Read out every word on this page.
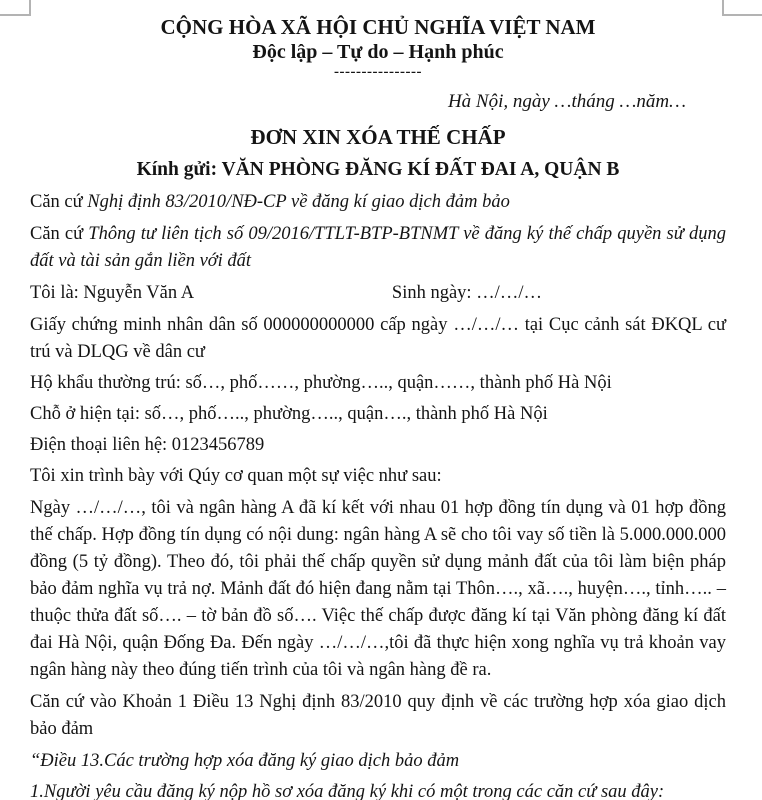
CỘNG HÒA XÃ HỘI CHỦ NGHĨA VIỆT NAM
Độc lập – Tự do – Hạnh phúc
----------------
Hà Nội, ngày …tháng …năm…
ĐƠN XIN XÓA THẾ CHẤP
Kính gửi: VĂN PHÒNG ĐĂNG KÍ ĐẤT ĐAI A, QUẬN B

Căn cứ Nghị định 83/2010/NĐ-CP về đăng kí giao dịch đảm bảo

Căn cứ Thông tư liên tịch số 09/2016/TTLT-BTP-BTNMT về đăng ký thế chấp quyền sử dụng đất và tài sản gắn liền với đất

Tôi là: Nguyễn Văn A	Sinh ngày: …/…/…

Giấy chứng minh nhân dân số 000000000000 cấp ngày …/…/… tại Cục cảnh sát ĐKQL cư trú và DLQG về dân cư

Hộ khẩu thường trú: số…, phố……, phường….., quận……, thành phố Hà Nội

Chỗ ở hiện tại: số…, phố….., phường….., quận…., thành phố Hà Nội

Điện thoại liên hệ: 0123456789

Tôi xin trình bày với Qúy cơ quan một sự việc như sau:

Ngày …/…/…, tôi và ngân hàng A đã kí kết với nhau 01 hợp đồng tín dụng và 01 hợp đồng thế chấp. Hợp đồng tín dụng có nội dung: ngân hàng A sẽ cho tôi vay số tiền là 5.000.000.000 đồng (5 tỷ đồng). Theo đó, tôi phải thế chấp quyền sử dụng mảnh đất của tôi làm biện pháp bảo đảm nghĩa vụ trả nợ. Mảnh đất đó hiện đang nằm tại Thôn…., xã…., huyện…., tỉnh….. – thuộc thửa đất số…. – tờ bản đồ số…. Việc thế chấp được đăng kí tại Văn phòng đăng kí đất đai Hà Nội, quận Đống Đa. Đến ngày …/…/…,tôi đã thực hiện xong nghĩa vụ trả khoản vay ngân hàng này theo đúng tiến trình của tôi và ngân hàng đề ra.

Căn cứ vào Khoản 1 Điều 13 Nghị định 83/2010 quy định về các trường hợp xóa giao dịch bảo đảm

“Điều 13.Các trường hợp xóa đăng ký giao dịch bảo đảm

1.Người yêu cầu đăng ký nộp hồ sơ xóa đăng ký khi có một trong các căn cứ sau đây:
